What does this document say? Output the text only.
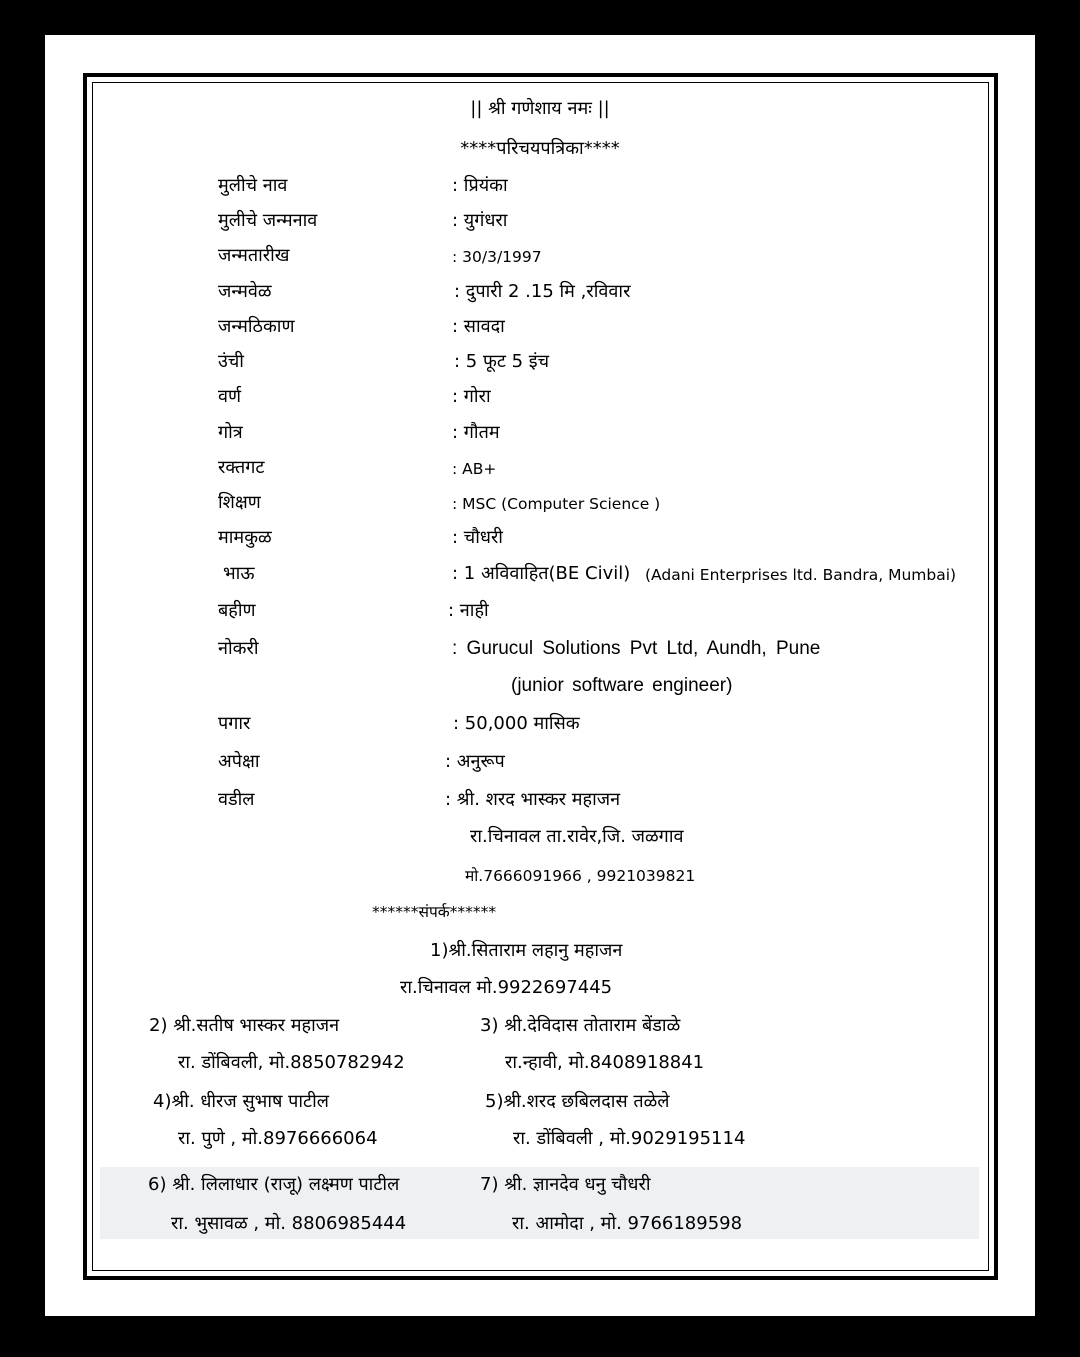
|| श्री गणेशाय नमः ||
****परिचयपत्रिका****
मुलीचे नाव	: प्रियंका
मुलीचे जन्मनाव	: युगंधरा
जन्मतारीख	: 30/3/1997
जन्मवेळ	: दुपारी 2 .15 मि ,रविवार
जन्मठिकाण	: सावदा
उंची	: 5 फूट 5 इंच
वर्ण	: गोरा
गोत्र	: गौतम
रक्तगट	: AB+
शिक्षण	: MSC (Computer Science )
मामकुळ	: चौधरी
भाऊ	: 1 अविवाहित(BE Civil) (Adani Enterprises ltd. Bandra, Mumbai)
बहीण	: नाही
नोकरी	: Gurucul Solutions Pvt Ltd, Aundh, Pune
(junior software engineer)
पगार	: 50,000 मासिक
अपेक्षा	: अनुरूप
वडील	: श्री. शरद भास्कर महाजन
रा.चिनावल ता.रावेर,जि. जळगाव
मो.7666091966 , 9921039821
******संपर्क******
1)श्री.सिताराम लहानु महाजन
रा.चिनावल मो.9922697445
2) श्री.सतीष भास्कर महाजन
रा. डोंबिवली, मो.8850782942
3) श्री.देविदास तोताराम बेंडाळे
रा.न्हावी, मो.8408918841
4)श्री. धीरज सुभाष पाटील
रा. पुणे , मो.8976666064
5)श्री.शरद छबिलदास तळेले
रा. डोंबिवली , मो.9029195114
6) श्री. लिलाधार (राजू) लक्ष्मण पाटील
रा. भुसावळ , मो. 8806985444
7) श्री. ज्ञानदेव धनु चौधरी
रा. आमोदा , मो. 9766189598
